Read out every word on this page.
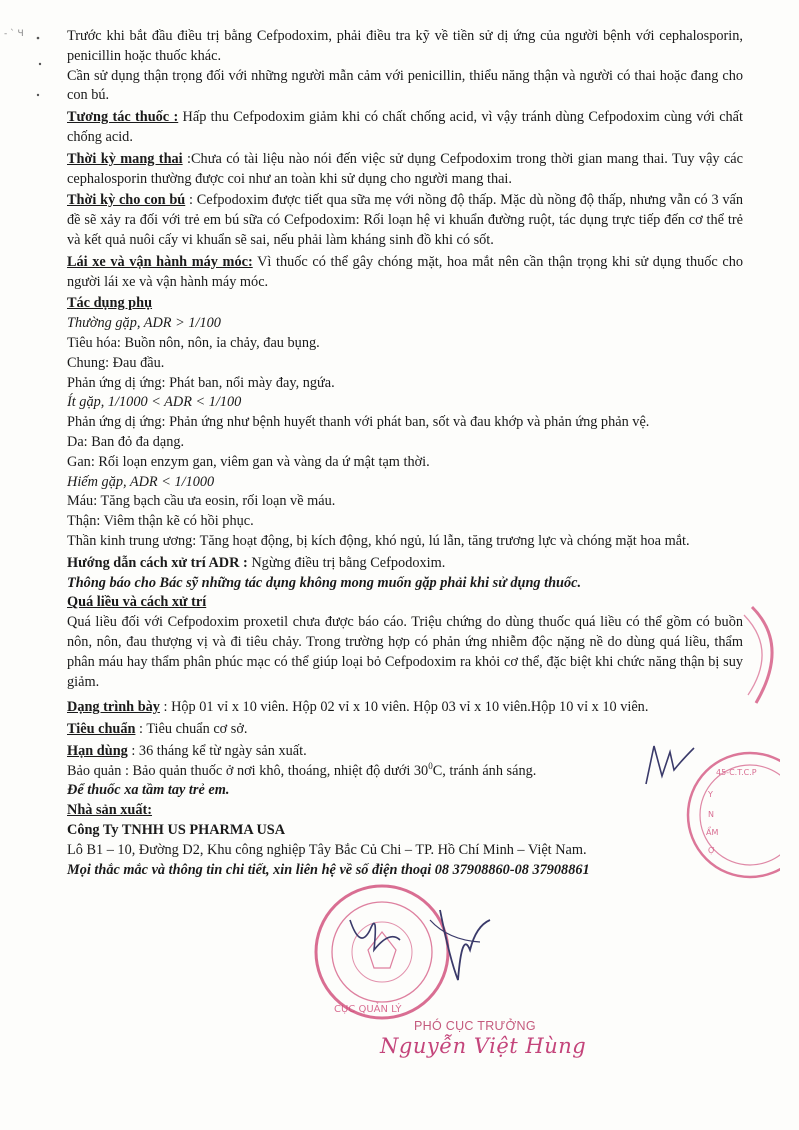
Trước khi bắt đầu điều trị bằng Cefpodoxim, phải điều tra kỹ về tiền sử dị ứng của người bệnh với cephalosporin, penicillin hoặc thuốc khác.

Cần sử dụng thận trọng đối với những người mẫn cảm với penicillin, thiểu năng thận và người có thai hoặc đang cho con bú.

Tương tác thuốc : Hấp thu Cefpodoxim giảm khi có chất chống acid, vì vậy tránh dùng Cefpodoxim cùng với chất chống acid.

Thời kỳ mang thai :Chưa có tài liệu nào nói đến việc sử dụng Cefpodoxim trong thời gian mang thai. Tuy vậy các cephalosporin thường được coi như an toàn khi sử dụng cho người mang thai.

Thời kỳ cho con bú : Cefpodoxim được tiết qua sữa mẹ với nồng độ thấp. Mặc dù nồng độ thấp, nhưng vẫn có 3 vấn đề sẽ xảy ra đối với trẻ em bú sữa có Cefpodoxim: Rối loạn hệ vi khuẩn đường ruột, tác dụng trực tiếp đến cơ thể trẻ và kết quả nuôi cấy vi khuẩn sẽ sai, nếu phải làm kháng sinh đồ khi có sốt.

Lái xe và vận hành máy móc: Vì thuốc có thể gây chóng mặt, hoa mắt nên cần thận trọng khi sử dụng thuốc cho người lái xe và vận hành máy móc.

Tác dụng phụ

Thường gặp, ADR > 1/100

Tiêu hóa: Buồn nôn, nôn, ỉa chảy, đau bụng.

Chung: Đau đầu.

Phản ứng dị ứng: Phát ban, nổi mày đay, ngứa.

Ít gặp, 1/1000 < ADR < 1/100

Phản ứng dị ứng: Phản ứng như bệnh huyết thanh với phát ban, sốt và đau khớp và phản ứng phản vệ.

Da: Ban đỏ đa dạng.

Gan: Rối loạn enzym gan, viêm gan và vàng da ứ mật tạm thời.

Hiếm gặp, ADR < 1/1000

Máu: Tăng bạch cầu ưa eosin, rối loạn về máu.

Thận: Viêm thận kẽ có hồi phục.

Thần kinh trung ương: Tăng hoạt động, bị kích động, khó ngủ, lú lẫn, tăng trương lực và chóng mặt hoa mắt.

Hướng dẫn cách xử trí ADR : Ngừng điều trị bằng Cefpodoxim.

Thông báo cho Bác sỹ những tác dụng không mong muốn gặp phải khi sử dụng thuốc.

Quá liều và cách xử trí

Quá liều đối với Cefpodoxim proxetil chưa được báo cáo. Triệu chứng do dùng thuốc quá liều có thể gồm có buồn nôn, nôn, đau thượng vị và đi tiêu chảy. Trong trường hợp có phản ứng nhiễm độc nặng nề do dùng quá liều, thẩm phân máu hay thẩm phân phúc mạc có thể giúp loại bỏ Cefpodoxim ra khỏi cơ thể, đặc biệt khi chức năng thận bị suy giảm.

Dạng trình bày : Hộp 01 vỉ x 10 viên. Hộp 02 vỉ x 10 viên. Hộp 03 vỉ x 10 viên.Hộp 10 vỉ x 10 viên.

Tiêu chuẩn : Tiêu chuẩn cơ sở.

Hạn dùng : 36 tháng kể từ ngày sản xuất.

Bảo quản : Bảo quản thuốc ở nơi khô, thoáng, nhiệt độ dưới $30^0C$, tránh ánh sáng.

Để thuốc xa tầm tay trẻ em.

Nhà sản xuất:

Công Ty TNHH US PHARMA USA

Lô B1 – 10, Đường D2, Khu công nghiệp Tây Bắc Củ Chi – TP. Hồ Chí Minh – Việt Nam.

Mọi thắc mắc và thông tin chi tiết, xin liên hệ về số điện thoại 08 37908860-08 37908861

- ` Ч
45-C.T.C.P
Y
N
ẨM
Ợ
CỤC QUẢN LÝ
PHÓ CỤC TRƯỞNG
Nguyễn Việt Hùng
